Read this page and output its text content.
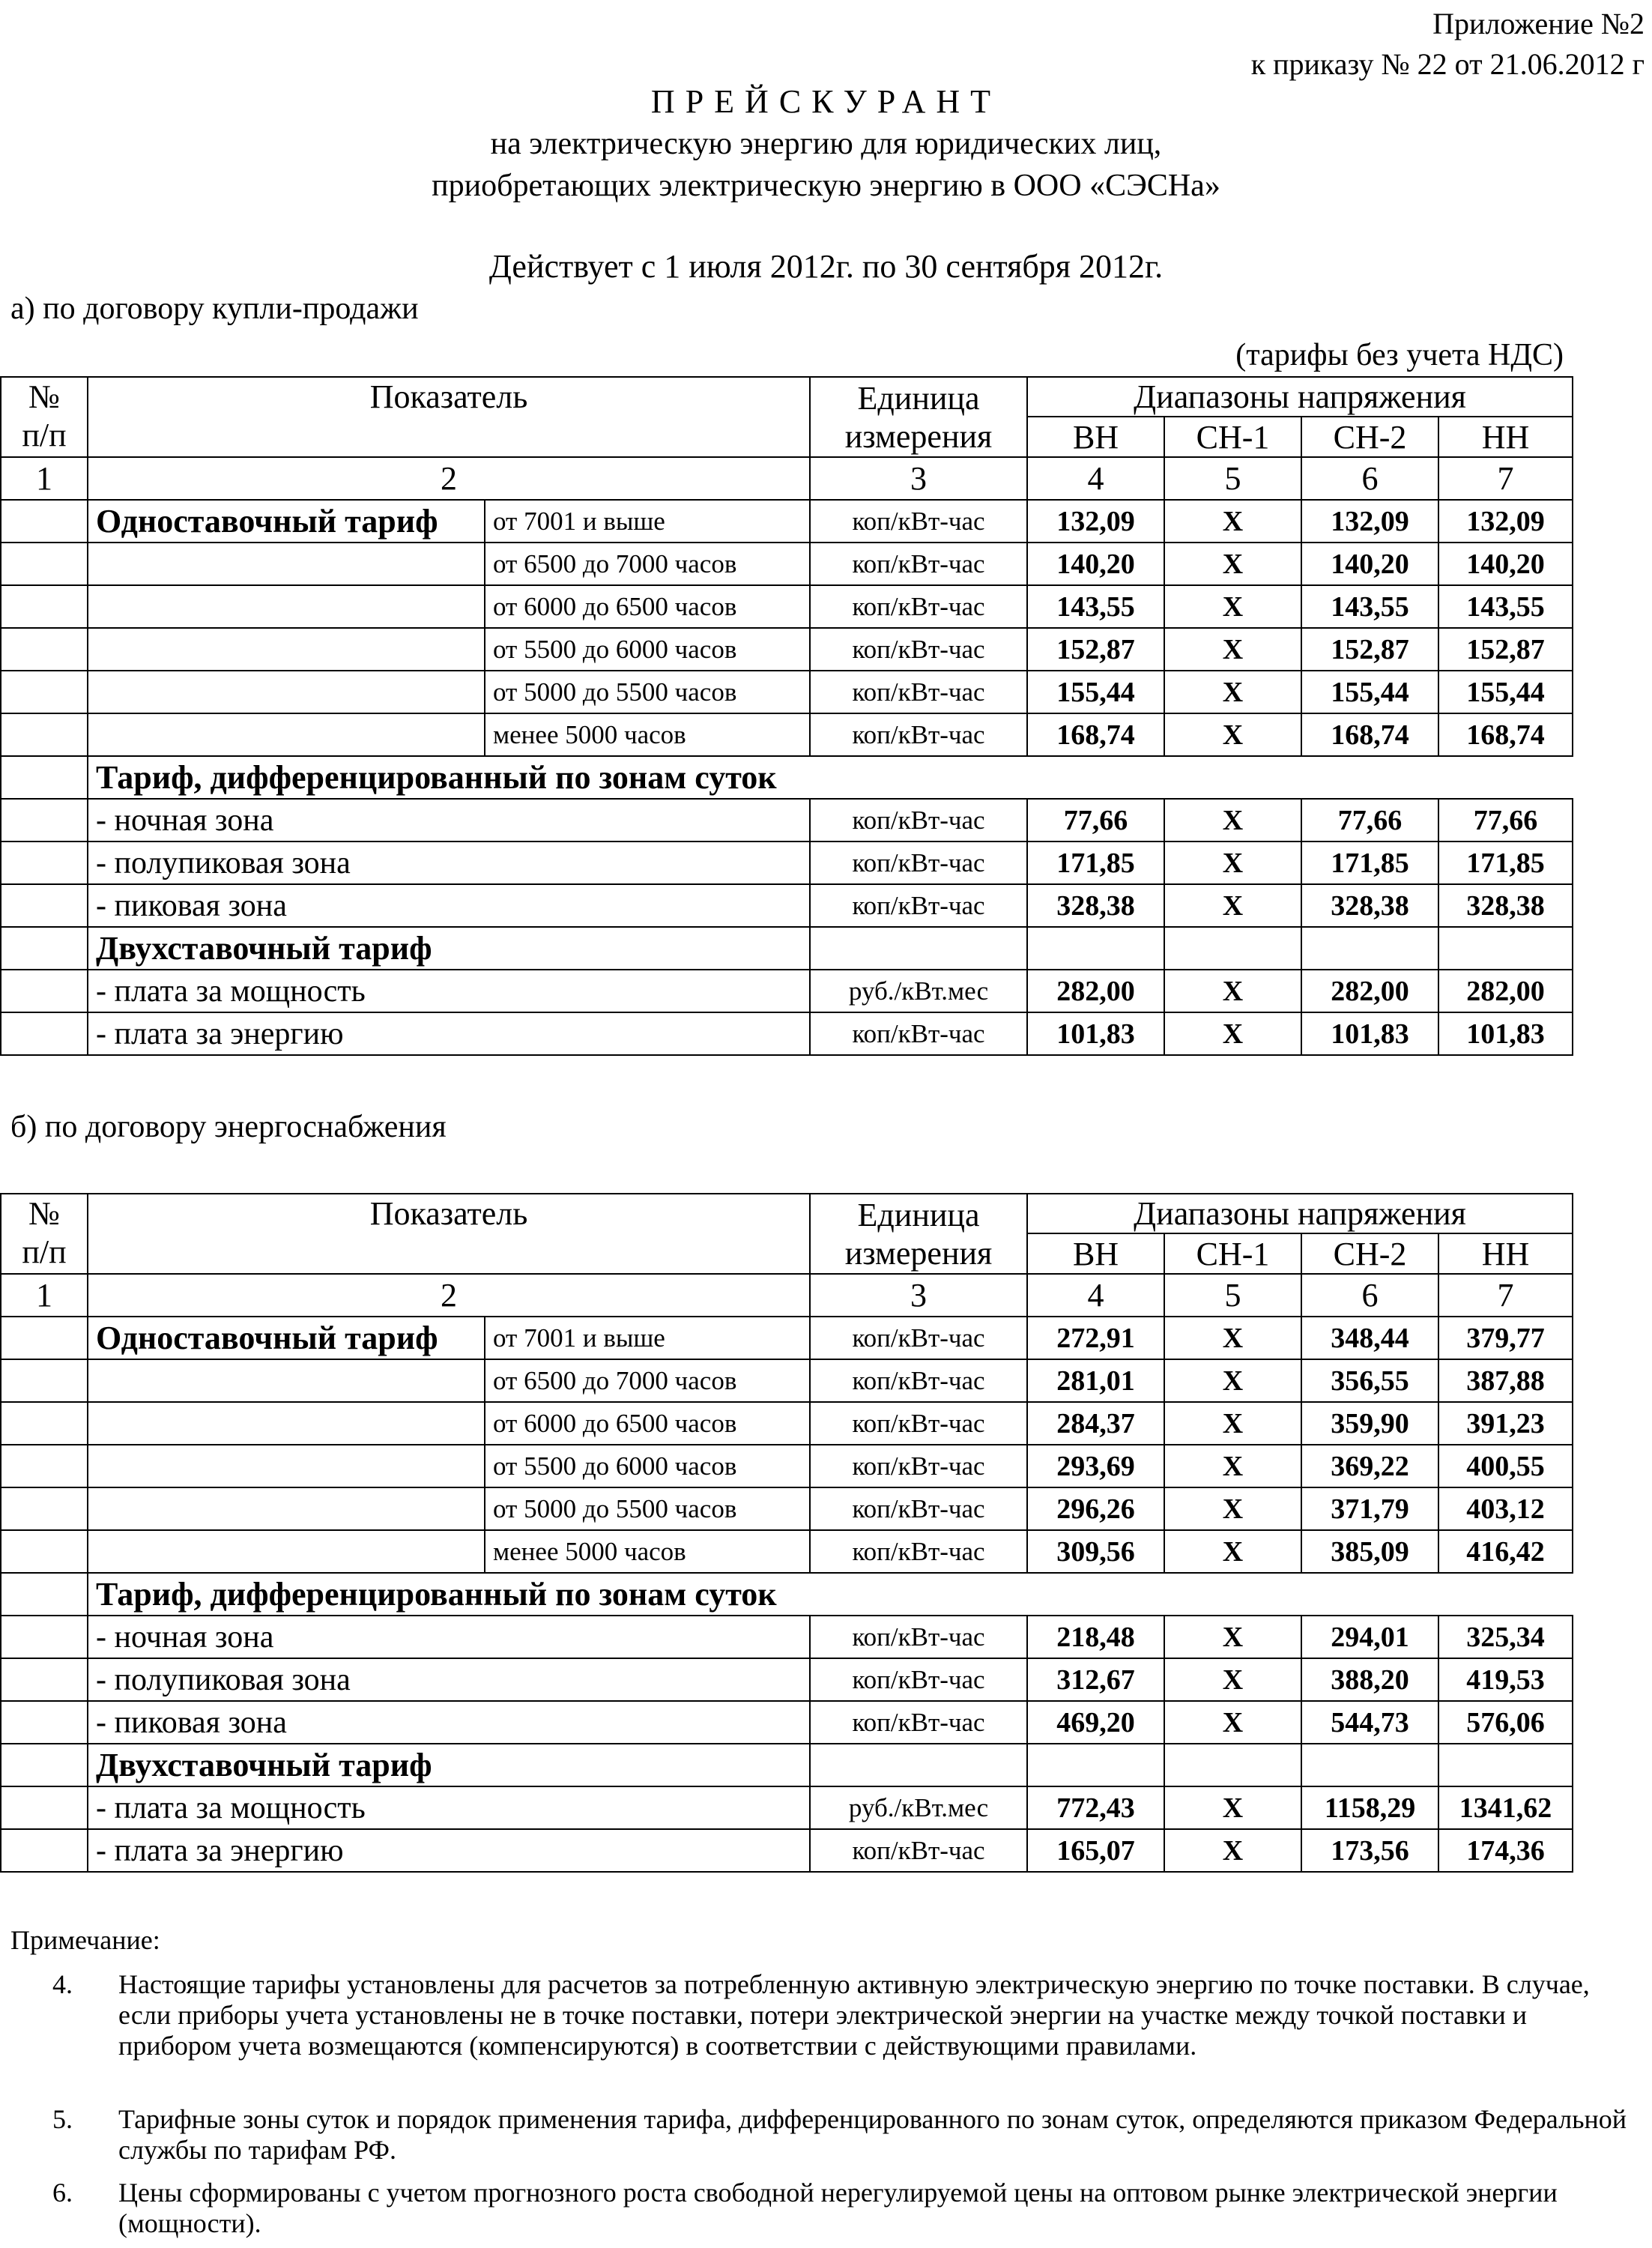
Приложение №2
к приказу № 22 от 21.06.2012 г
ПРЕЙСКУРАНТ
на электрическую энергию для юридических лиц,
приобретающих электрическую энергию в ООО «СЭСНа»
Действует с 1 июля 2012г. по 30 сентября 2012г.
а) по договору купли-продажи
(тарифы без учета НДС)
№
п/п	Показатель		Единица
измерения	Диапазоны напряжения			
				ВН	СН-1	СН-2	НН
1	2		3	4	5	6	7
	Одноставочный тариф	от 7001 и выше	коп/кВт-час	132,09	Х	132,09	132,09
		от 6500 до 7000 часов	коп/кВт-час	140,20	Х	140,20	140,20
		от 6000 до 6500 часов	коп/кВт-час	143,55	Х	143,55	143,55
		от 5500 до 6000 часов	коп/кВт-час	152,87	Х	152,87	152,87
		от 5000 до 5500 часов	коп/кВт-час	155,44	Х	155,44	155,44
		менее 5000 часов	коп/кВт-час	168,74	Х	168,74	168,74
	Тариф, дифференцированный по зонам суток						
	- ночная зона		коп/кВт-час	77,66	Х	77,66	77,66
	- полупиковая зона		коп/кВт-час	171,85	Х	171,85	171,85
	- пиковая зона		коп/кВт-час	328,38	Х	328,38	328,38
	Двухставочный тариф						
	- плата за мощность		руб./кВт.мес	282,00	Х	282,00	282,00
	- плата за энергию		коп/кВт-час	101,83	Х	101,83	101,83
б) по договору энергоснабжения
№
п/п	Показатель		Единица
измерения	Диапазоны напряжения			
				ВН	СН-1	СН-2	НН
1	2		3	4	5	6	7
	Одноставочный тариф	от 7001 и выше	коп/кВт-час	272,91	Х	348,44	379,77
		от 6500 до 7000 часов	коп/кВт-час	281,01	Х	356,55	387,88
		от 6000 до 6500 часов	коп/кВт-час	284,37	Х	359,90	391,23
		от 5500 до 6000 часов	коп/кВт-час	293,69	Х	369,22	400,55
		от 5000 до 5500 часов	коп/кВт-час	296,26	Х	371,79	403,12
		менее 5000 часов	коп/кВт-час	309,56	Х	385,09	416,42
	Тариф, дифференцированный по зонам суток						
	- ночная зона		коп/кВт-час	218,48	Х	294,01	325,34
	- полупиковая зона		коп/кВт-час	312,67	Х	388,20	419,53
	- пиковая зона		коп/кВт-час	469,20	Х	544,73	576,06
	Двухставочный тариф						
	- плата за мощность		руб./кВт.мес	772,43	Х	1158,29	1341,62
	- плата за энергию		коп/кВт-час	165,07	Х	173,56	174,36
Примечание:
4. Настоящие тарифы установлены для расчетов за потребленную активную электрическую энергию по точке поставки. В случае, если приборы учета установлены не в точке поставки, потери электрической энергии на участке между точкой поставки и прибором учета возмещаются (компенсируются) в соответствии с действующими правилами.
5. Тарифные зоны суток и порядок применения тарифа, дифференцированного по зонам суток, определяются приказом Федеральной службы по тарифам РФ.
6. Цены сформированы с учетом прогнозного роста свободной нерегулируемой цены на оптовом рынке электрической энергии (мощности).
